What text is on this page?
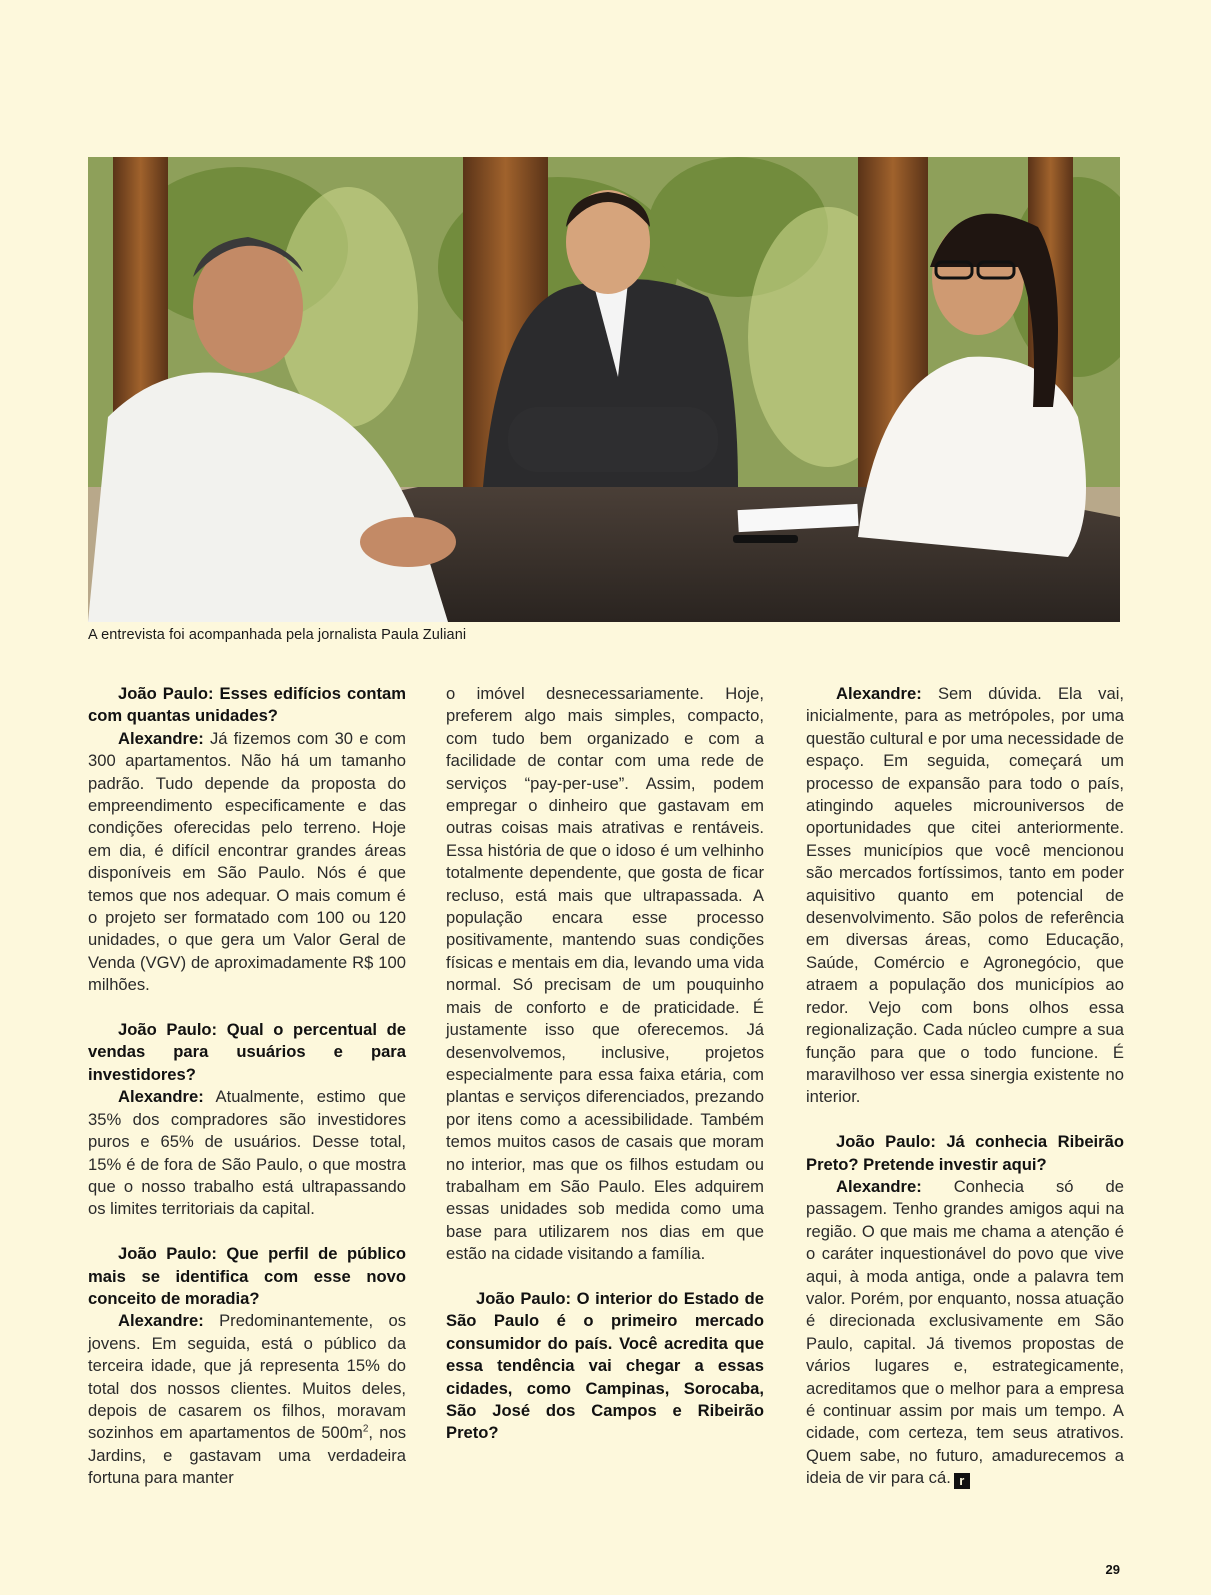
A entrevista foi acompanhada pela jornalista Paula Zuliani

João Paulo: Esses edifícios contam com quantas unidades?

Alexandre: Já fizemos com 30 e com 300 apartamentos. Não há um tamanho padrão. Tudo depende da proposta do empreendimento especificamente e das condições oferecidas pelo terreno. Hoje em dia, é difícil encontrar grandes áreas disponíveis em São Paulo. Nós é que temos que nos adequar. O mais comum é o projeto ser formatado com 100 ou 120 unidades, o que gera um Valor Geral de Venda (VGV) de aproximadamente R$ 100 milhões.

João Paulo: Qual o percentual de vendas para usuários e para investidores?

Alexandre: Atualmente, estimo que 35% dos compradores são investidores puros e 65% de usuários. Desse total, 15% é de fora de São Paulo, o que mostra que o nosso trabalho está ultrapassando os limites territoriais da capital.

João Paulo: Que perfil de público mais se identifica com esse novo conceito de moradia?

Alexandre: Predominantemente, os jovens. Em seguida, está o público da terceira idade, que já representa 15% do total dos nossos clientes. Muitos deles, depois de casarem os filhos, moravam sozinhos em apartamentos de $500m^2$, nos Jardins, e gastavam uma verdadeira fortuna para manter

o imóvel desnecessariamente. Hoje, preferem algo mais simples, compacto, com tudo bem organizado e com a facilidade de contar com uma rede de serviços “pay-per-use”. Assim, podem empregar o dinheiro que gastavam em outras coisas mais atrativas e rentáveis. Essa história de que o idoso é um velhinho totalmente dependente, que gosta de ficar recluso, está mais que ultrapassada. A população encara esse processo positivamente, mantendo suas condições físicas e mentais em dia, levando uma vida normal. Só precisam de um pouquinho mais de conforto e de praticidade. É justamente isso que oferecemos. Já desenvolvemos, inclusive, projetos especialmente para essa faixa etária, com plantas e serviços diferenciados, prezando por itens como a acessibilidade. Também temos muitos casos de casais que moram no interior, mas que os filhos estudam ou trabalham em São Paulo. Eles adquirem essas unidades sob medida como uma base para utilizarem nos dias em que estão na cidade visitando a família.

João Paulo: O interior do Estado de São Paulo é o primeiro mercado consumidor do país. Você acredita que essa tendência vai chegar a essas cidades, como Campinas, Sorocaba, São José dos Campos e Ribeirão Preto?

Alexandre: Sem dúvida. Ela vai, inicialmente, para as metrópoles, por uma questão cultural e por uma necessidade de espaço. Em seguida, começará um processo de expansão para todo o país, atingindo aqueles microuniversos de oportunidades que citei anteriormente. Esses municípios que você mencionou são mercados fortíssimos, tanto em poder aquisitivo quanto em potencial de desenvolvimento. São polos de referência em diversas áreas, como Educação, Saúde, Comércio e Agronegócio, que atraem a população dos municípios ao redor. Vejo com bons olhos essa regionalização. Cada núcleo cumpre a sua função para que o todo funcione. É maravilhoso ver essa sinergia existente no interior.

João Paulo: Já conhecia Ribeirão Preto? Pretende investir aqui?

Alexandre: Conhecia só de passagem. Tenho grandes amigos aqui na região. O que mais me chama a atenção é o caráter inquestionável do povo que vive aqui, à moda antiga, onde a palavra tem valor. Porém, por enquanto, nossa atuação é direcionada exclusivamente em São Paulo, capital. Já tivemos propostas de vários lugares e, estrategicamente, acreditamos que o melhor para a empresa é continuar assim por mais um tempo. A cidade, com certeza, tem seus atrativos. Quem sabe, no futuro, amadurecemos a ideia de vir para cá. r

29
